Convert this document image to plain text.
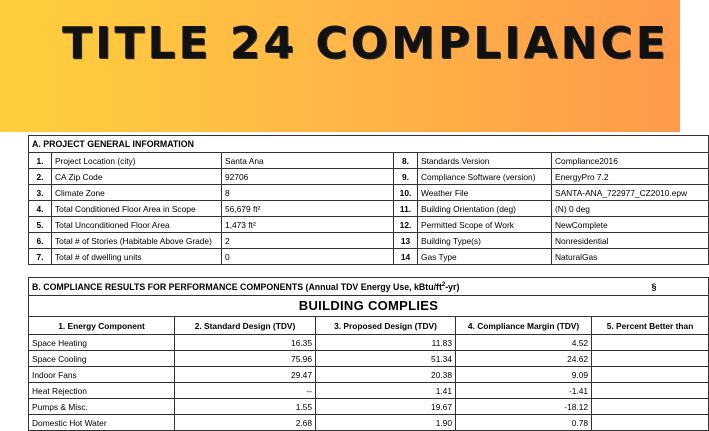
TITLE 24 COMPLIANCE
A. PROJECT GENERAL INFORMATION					
1.	Project Location (city)	Santa Ana	8.	Standards Version	Compliance2016
2.	CA Zip Code	92706	9.	Compliance Software (version)	EnergyPro 7.2
3.	Climate Zone	8	10.	Weather File	SANTA-ANA_722977_CZ2010.epw
4.	Total Conditioned Floor Area in Scope	56,679 ft²	11.	Building Orientation (deg)	(N) 0 deg
5.	Total Unconditioned Floor Area	1,473 ft²	12.	Permitted Scope of Work	NewComplete
6.	Total # of Stories (Habitable Above Grade)	2	13	Building Type(s)	Nonresidential
7.	Total # of dwelling units	0	14	Gas Type	NaturalGas
B. COMPLIANCE RESULTS FOR PERFORMANCE COMPONENTS (Annual TDV Energy Use, kBtu/$ft^2-yr$)				§
BUILDING COMPLIES				
1. Energy Component	2. Standard Design (TDV)	3. Proposed Design (TDV)	4. Compliance Margin (TDV)	5. Percent Better than
Space Heating	16.35	11.83	4.52	
Space Cooling	75.96	51.34	24.62	
Indoor Fans	29.47	20.38	9.09	
Heat Rejection	--	1.41	-1.41	
Pumps & Misc.	1.55	19.67	-18.12	
Domestic Hot Water	2.68	1.90	0.78	
